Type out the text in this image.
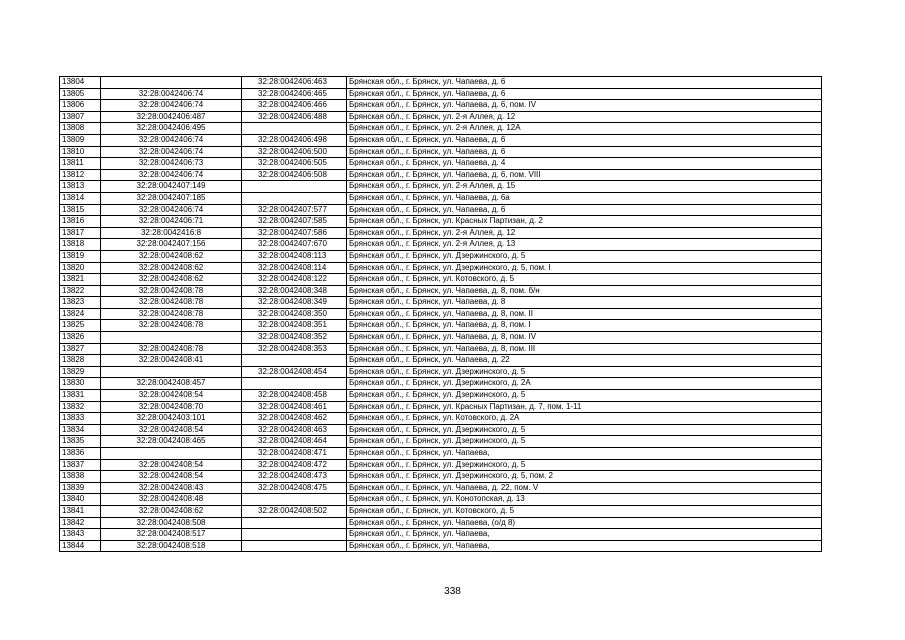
13804		32:28:0042406:463	Брянская обл., г. Брянск, ул. Чапаева, д. 6
13805	32:28:0042406:74	32:28:0042406:465	Брянская обл., г. Брянск, ул. Чапаева, д. 6
13806	32:28:0042406:74	32:28:0042406:466	Брянская обл., г. Брянск, ул. Чапаева, д. 6, пом. IV
13807	32:28:0042406:487	32:28:0042406:488	Брянская обл., г. Брянск, ул. 2-я Аллея, д. 12
13808	32:28:0042406:495		Брянская обл., г. Брянск, ул. 2-я Аллея, д. 12А
13809	32:28:0042406:74	32:28:0042406:498	Брянская обл., г. Брянск, ул. Чапаева, д. 6
13810	32:28:0042406:74	32:28:0042406:500	Брянская обл., г. Брянск, ул. Чапаева, д. 6
13811	32:28:0042406:73	32:28:0042406:505	Брянская обл., г. Брянск, ул. Чапаева, д. 4
13812	32:28:0042406:74	32:28:0042406:508	Брянская обл., г. Брянск, ул. Чапаева, д. 6, пом. VIII
13813	32:28:0042407:149		Брянская обл., г. Брянск, ул. 2-я Аллея, д. 15
13814	32:28:0042407:185		Брянская обл., г. Брянск, ул. Чапаева, д. 6а
13815	32:28:0042406:74	32:28:0042407:577	Брянская обл., г. Брянск, ул. Чапаева, д. 6
13816	32:28:0042406:71	32:28:0042407:585	Брянская обл., г. Брянск, ул. Красных Партизан, д. 2
13817	32:28:0042416:8	32:28:0042407:586	Брянская обл., г. Брянск, ул. 2-я Аллея, д. 12
13818	32:28:0042407:156	32:28:0042407:670	Брянская обл., г. Брянск, ул. 2-я Аллея, д. 13
13819	32:28:0042408:62	32:28:0042408:113	Брянская обл., г. Брянск, ул. Дзержинского, д. 5
13820	32:28:0042408:62	32:28:0042408:114	Брянская обл., г. Брянск, ул. Дзержинского, д. 5, пом. I
13821	32:28:0042408:62	32:28:0042408:122	Брянская обл., г. Брянск, ул. Котовского, д. 5
13822	32:28:0042408:78	32:28:0042408:348	Брянская обл., г. Брянск, ул. Чапаева, д. 8, пом. б/н
13823	32:28:0042408:78	32:28:0042408:349	Брянская обл., г. Брянск, ул. Чапаева, д. 8
13824	32:28:0042408:78	32:28:0042408:350	Брянская обл., г. Брянск, ул. Чапаева, д. 8, пом. II
13825	32:28:0042408:78	32:28:0042408:351	Брянская обл., г. Брянск, ул. Чапаева, д. 8, пом. I
13826		32:28:0042408:352	Брянская обл., г. Брянск, ул. Чапаева, д. 8, пом. IV
13827	32:28:0042408:78	32:28:0042408:353	Брянская обл., г. Брянск, ул. Чапаева, д. 8, пом. III
13828	32:28:0042408:41		Брянская обл., г. Брянск, ул. Чапаева, д. 22
13829		32:28:0042408:454	Брянская обл., г. Брянск, ул. Дзержинского, д. 5
13830	32:28:0042408:457		Брянская обл., г. Брянск, ул. Дзержинского, д. 2А
13831	32:28:0042408:54	32:28:0042408:458	Брянская обл., г. Брянск, ул. Дзержинского, д. 5
13832	32:28:0042408:70	32:28:0042408:461	Брянская обл., г. Брянск, ул. Красных Партизан, д. 7, пом. 1-11
13833	32:28:0042403:101	32:28:0042408:462	Брянская обл., г. Брянск, ул. Котовского, д. 2А
13834	32:28:0042408:54	32:28:0042408:463	Брянская обл., г. Брянск, ул. Дзержинского, д. 5
13835	32:28:0042408:465	32:28:0042408:464	Брянская обл., г. Брянск, ул. Дзержинского, д. 5
13836		32:28:0042408:471	Брянская обл., г. Брянск, ул. Чапаева,
13837	32:28:0042408:54	32:28:0042408:472	Брянская обл., г. Брянск, ул. Дзержинского, д. 5
13838	32:28:0042408:54	32:28:0042408:473	Брянская обл., г. Брянск, ул. Дзержинского, д. 5, пом. 2
13839	32:28:0042408:43	32:28:0042408:475	Брянская обл., г. Брянск, ул. Чапаева, д. 22, пом. V
13840	32:28:0042408:48		Брянская обл., г. Брянск, ул. Конотопская, д. 13
13841	32:28:0042408:62	32:28:0042408:502	Брянская обл., г. Брянск, ул. Котовского, д. 5
13842	32:28:0042408:508		Брянская обл., г. Брянск, ул. Чапаева, (о/д 8)
13843	32:28:0042408:517		Брянская обл., г. Брянск, ул. Чапаева,
13844	32:28:0042408:518		Брянская обл., г. Брянск, ул. Чапаева,
338
